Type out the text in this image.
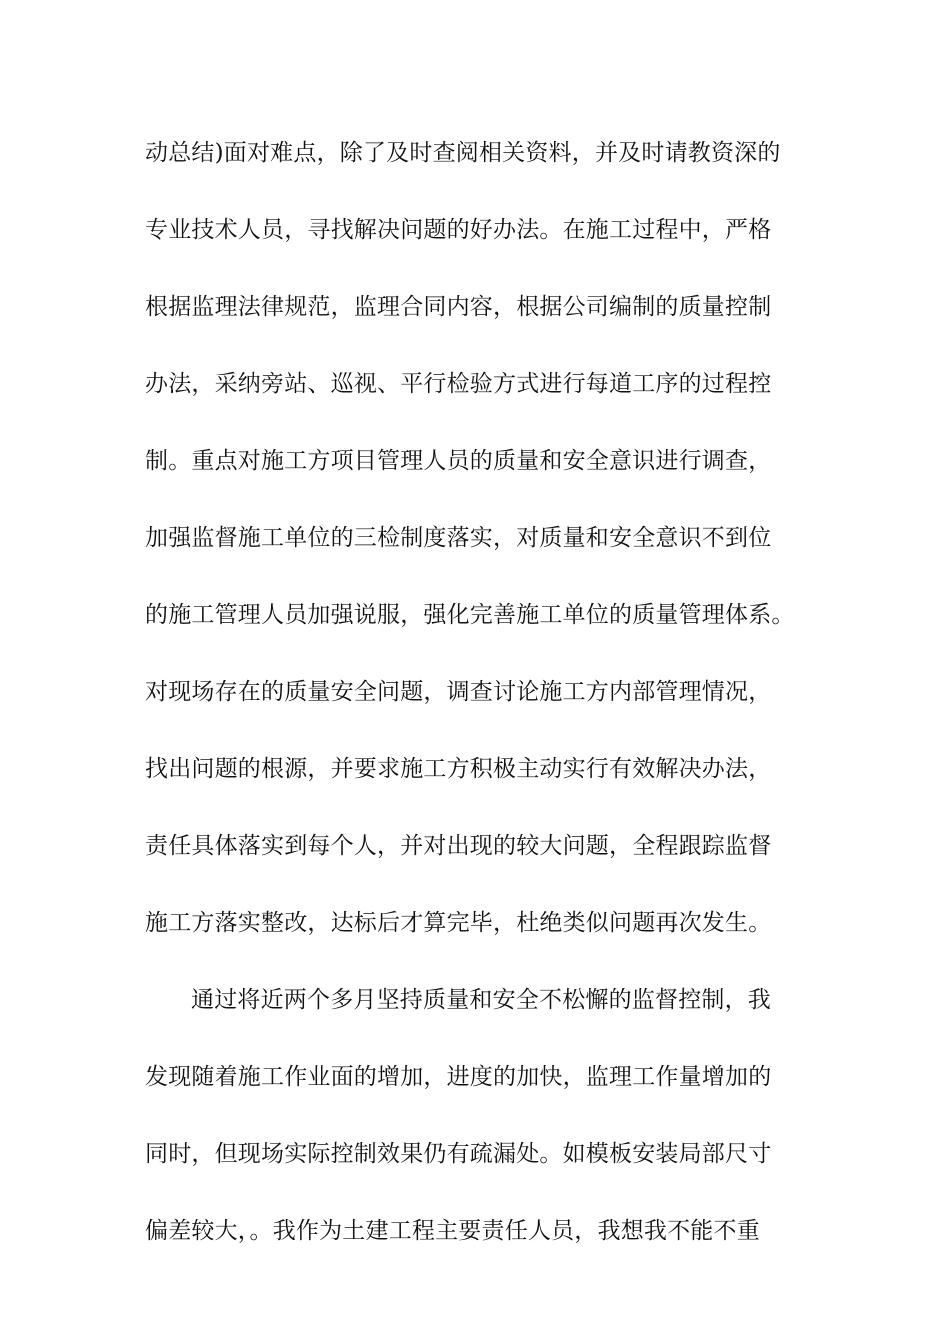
动总结)面对难点，除了及时查阅相关资料，并及时请教资深的
专业技术人员，寻找解决问题的好办法。在施工过程中，严格
根据监理法律规范，监理合同内容，根据公司编制的质量控制
办法，采纳旁站、巡视、平行检验方式进行每道工序的过程控
制。重点对施工方项目管理人员的质量和安全意识进行调查，
加强监督施工单位的三检制度落实，对质量和安全意识不到位
的施工管理人员加强说服，强化完善施工单位的质量管理体系。
对现场存在的质量安全问题，调查讨论施工方内部管理情况，
找出问题的根源，并要求施工方积极主动实行有效解决办法，
责任具体落实到每个人，并对出现的较大问题，全程跟踪监督
施工方落实整改，达标后才算完毕，杜绝类似问题再次发生。
通过将近两个多月坚持质量和安全不松懈的监督控制，我
发现随着施工作业面的增加，进度的加快，监理工作量增加的
同时，但现场实际控制效果仍有疏漏处。如模板安装局部尺寸
偏差较大，。我作为土建工程主要责任人员，我想我不能不重
